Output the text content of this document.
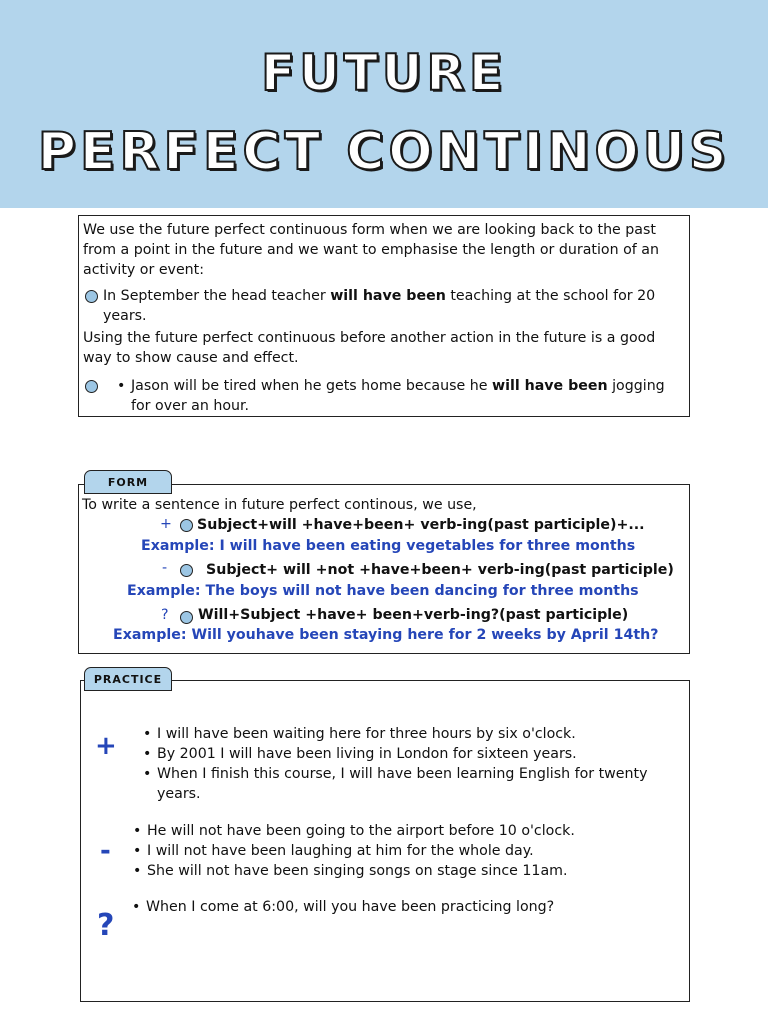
FUTURE
PERFECT CONTINOUS

We use the future perfect continuous form when we are looking back to the past from a point in the future and we want to emphasise the length or duration of an activity or event:

In September the head teacher will have been teaching at the school for 20 years.

Using the future perfect continuous before another action in the future is a good way to show cause and effect.

• Jason will be tired when he gets home because he will have been jogging for over an hour.
FORM
To write a sentence in future perfect continous, we use,
+ Subject+will +have+been+ verb-ing(past participle)+...
Example: I will have been eating vegetables for three months
-	Subject+ will +not +have+been+ verb-ing(past participle)
Example: The boys will not have been dancing for three months
? Will+Subject +have+ been+verb-ing?(past participle)
Example: Will youhave been staying here for 2 weeks by April 14th?
PRACTICE
+
•	I will have been waiting here for three hours by six o'clock.
• By 2001 I will have been living in London for sixteen years.
• When I finish this course, I will have been learning English for twenty years.
-
• He will not have been going to the airport before 10 o'clock.
• I will not have been laughing at him for the whole day.
• She will not have been singing songs on stage since 11am.
?
• When I come at 6:00, will you have been practicing long?
